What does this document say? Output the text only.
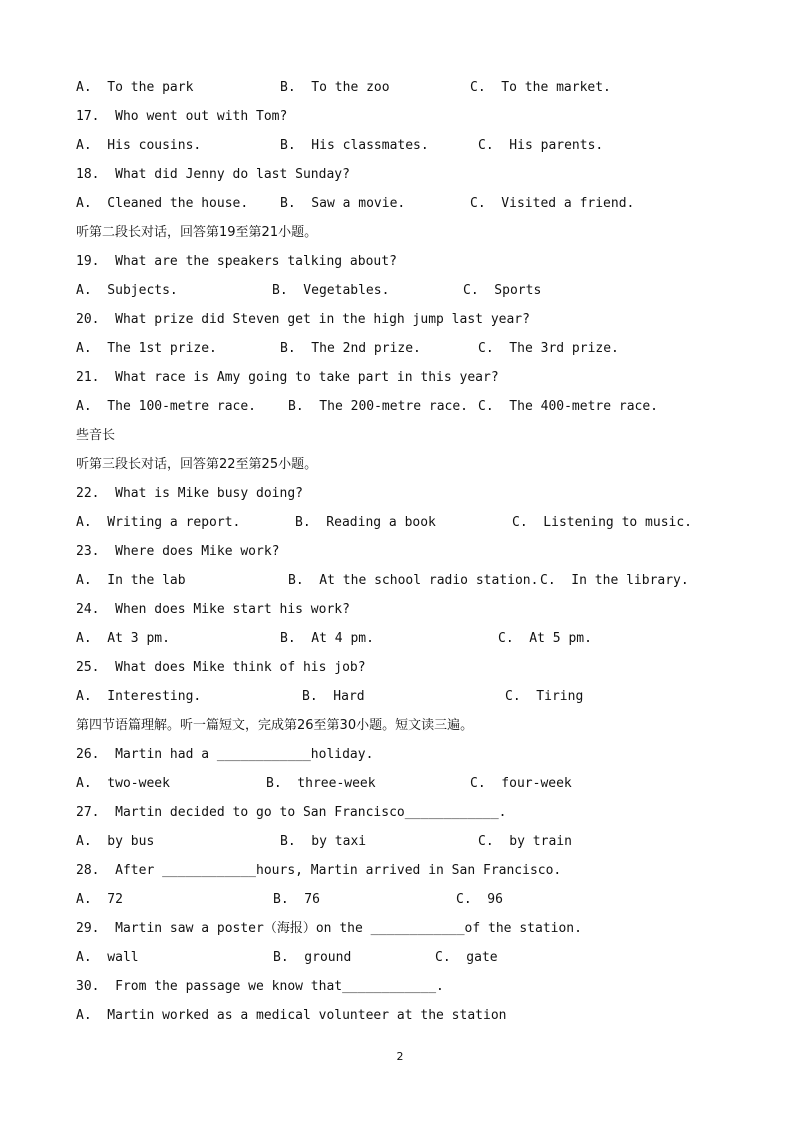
A.  To the park	B.  To the zoo	C.  To the market.
17.  Who went out with Tom?
A.  His cousins.	B.  His classmates.	C.  His parents.
18.  What did Jenny do last Sunday?
A.  Cleaned the house. B.  Saw a movie.	C.  Visited a friend.
听第二段长对话，回答第19至第21小题。
19.  What are the speakers talking about?
A.  Subjects.	B.  Vegetables.	C.  Sports
20.  What prize did Steven get in the high jump last year?
A.  The 1st prize.	B.  The 2nd prize.	C.  The 3rd prize.
21.  What race is Amy going to take part in this year?
A.  The 100-metre race. B.  The 200-metre race. C.  The 400-metre race.
些音长
听第三段长对话，回答第22至第25小题。
22.  What is Mike busy doing?
A.  Writing a report.	B.  Reading a book	C.  Listening to music.
23.  Where does Mike work?
A.  In the lab	B.  At the school radio station. C.  In the library.
24.  When does Mike start his work?
A.  At 3 pm.	B.  At 4 pm.	C.  At 5 pm.
25.  What does Mike think of his job?
A.  Interesting.	B.  Hard	C.  Tiring
第四节语篇理解。听一篇短文，完成第26至第30小题。短文读三遍。
26.  Martin had a ____________holiday.
A.  two-week	B.  three-week	C.  four-week
27.  Martin decided to go to San Francisco____________.
A.  by bus	B.  by taxi	C.  by train
28.  After ____________hours, Martin arrived in San Francisco.
A.  72	B.  76	C.  96
29.  Martin saw a poster（海报）on the ____________of the station.
A.  wall	B.  ground	C.  gate
30.  From the passage we know that____________.
A.  Martin worked as a medical volunteer at the station
2
